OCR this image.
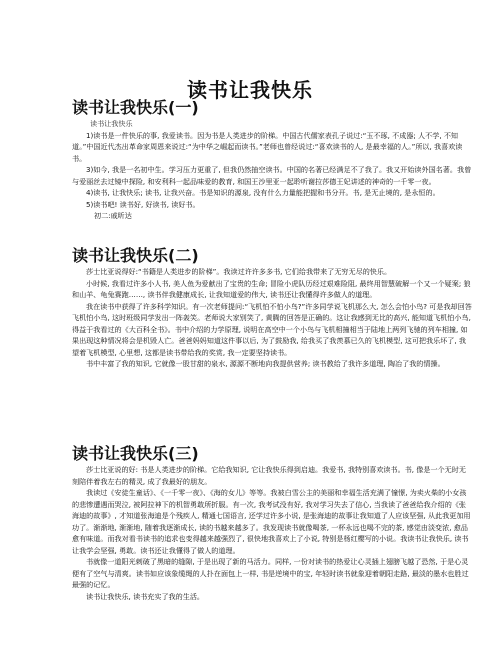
读书让我快乐
读书让我快乐(一)

读书让我快乐

1)读书是一件快乐的事, 我爱读书。因为书是人类进步的阶梯。中国古代儒家表孔子说过:“玉不琢, 不成器; 人不学, 不知道。”中国近代杰出革命家周恩来说过:“为中华之崛起而读书。”老师也曾经说过:“喜欢读书的人, 是最幸福的人。”所以, 我喜欢读书。

3)如今, 我是一名初中生。学习压力更重了, 但我仍然抽空读书。中国的名著已经满足不了我了。我又开始读外国名著。我曾与爱丽丝去过镜中探险, 和安利科一起品味爱的教育, 和国王沙里亚一起聆听谢拉莎德王妃讲述的神奇的一千零一夜。

4)读书, 让我快乐; 读书, 让我兴奋。书是知识的源泉, 没有什么力量能把握和书分开。书, 是无止境的, 是永恒的。

5)读书吧! 读书好, 好读书, 读好书。

初二:戚昕达

读书让我快乐(二)

莎士比亚说得好:“书籍是人类进步的阶梯”。我读过许许多多书, 它们给我带来了无穷无尽的快乐。

小时候, 我看过许多小人书, 美人鱼为爱献出了宝贵的生命; 冒险小虎队历经过艰难险阻, 最终用智慧破解一个又一个疑案; 狼和山羊、龟兔赛跑……, 读书伴我健康成长, 让我知道爱的伟大, 读书还让我懂得许多做人的道理。

我在读书中获得了许多科学知识。有一次老师提问:“飞机怕不怕小鸟?”许多同学说飞机那么大, 怎么会怕小鸟? 可是我却回答飞机怕小鸟, 这时班级同学发出一阵轰笑。老师说大家别笑了, 黄腾的回答是正确的。这让我感到无比的高兴, 能知道飞机怕小鸟, 得益于我看过的《大百科全书》。书中介绍的力学原理, 说明在高空中一个小鸟与飞机相撞相当于陆地上两列飞驰的列车相撞, 如果出现这种情况将会是机毁人亡。爸爸妈妈知道这件事以后, 为了鼓励我, 给我买了我羡慕已久的飞机模型, 这可把我乐坏了, 我望着飞机模型, 心里想, 这都是读书带给我的奖赏, 我一定要坚持读书。

书中丰富了我的知识, 它就像一股甘甜的泉水, 源源不断地向我提供营养; 读书教给了我许多道理, 陶冶了我的情操。

读书让我快乐(三)

莎士比亚说的好: 书是人类进步的阶梯。它给我知识, 它让我快乐得到启迪。我爱书, 我特别喜欢读书。书, 像是一个无时无刻陪伴着我左右的精灵, 成了我最好的朋友。

我读过《安徒生童话》、《一千零一夜》、《海的女儿》等等。我被白雪公主的美丽和幸福生活充满了憧憬, 为卖火柴的小女孩的悲惨遭遇而哭泣, 被阿拉神下的机智勇敢所折服。有一次, 我考试没有好, 我对学习失去了信心, 当我读了爸爸给我介绍的《张海迪的故事》, 才知道张海迪是个残疾人, 精通七国语言, 还学过许多小说, 是张海迪的故事让我知道了人应该坚强, 从此我更加用功了。渐渐地, 渐渐地, 随着我逐渐成长, 读的书越来越多了。我发现读书就像喝茶, 一杯永远也喝不完的茶, 感觉由淡变浓, 愈品愈有味道。而我对看书读书的追求也变得越来越强烈了, 很快地我喜欢上了小说, 特别是杨红樱写的小说。我读书让我快乐, 读书让我学会坚强, 勇敢。读书还让我懂得了做人的道理。

书就像一道阳光刺破了黑暗的缝隙, 于是出现了新的马活力。同样, 一份对读书的热爱让心灵插上翅膀飞越了恐然, 于是心灵便有了空气与清爽。读书如应该象缆绳的人扑在面包上一样, 书是逆境中的宝, 年轻时读书就象迎着朝阳走路, 最淡的墨水也胜过最强的记忆。

读书让我快乐, 读书充实了我的生活。
